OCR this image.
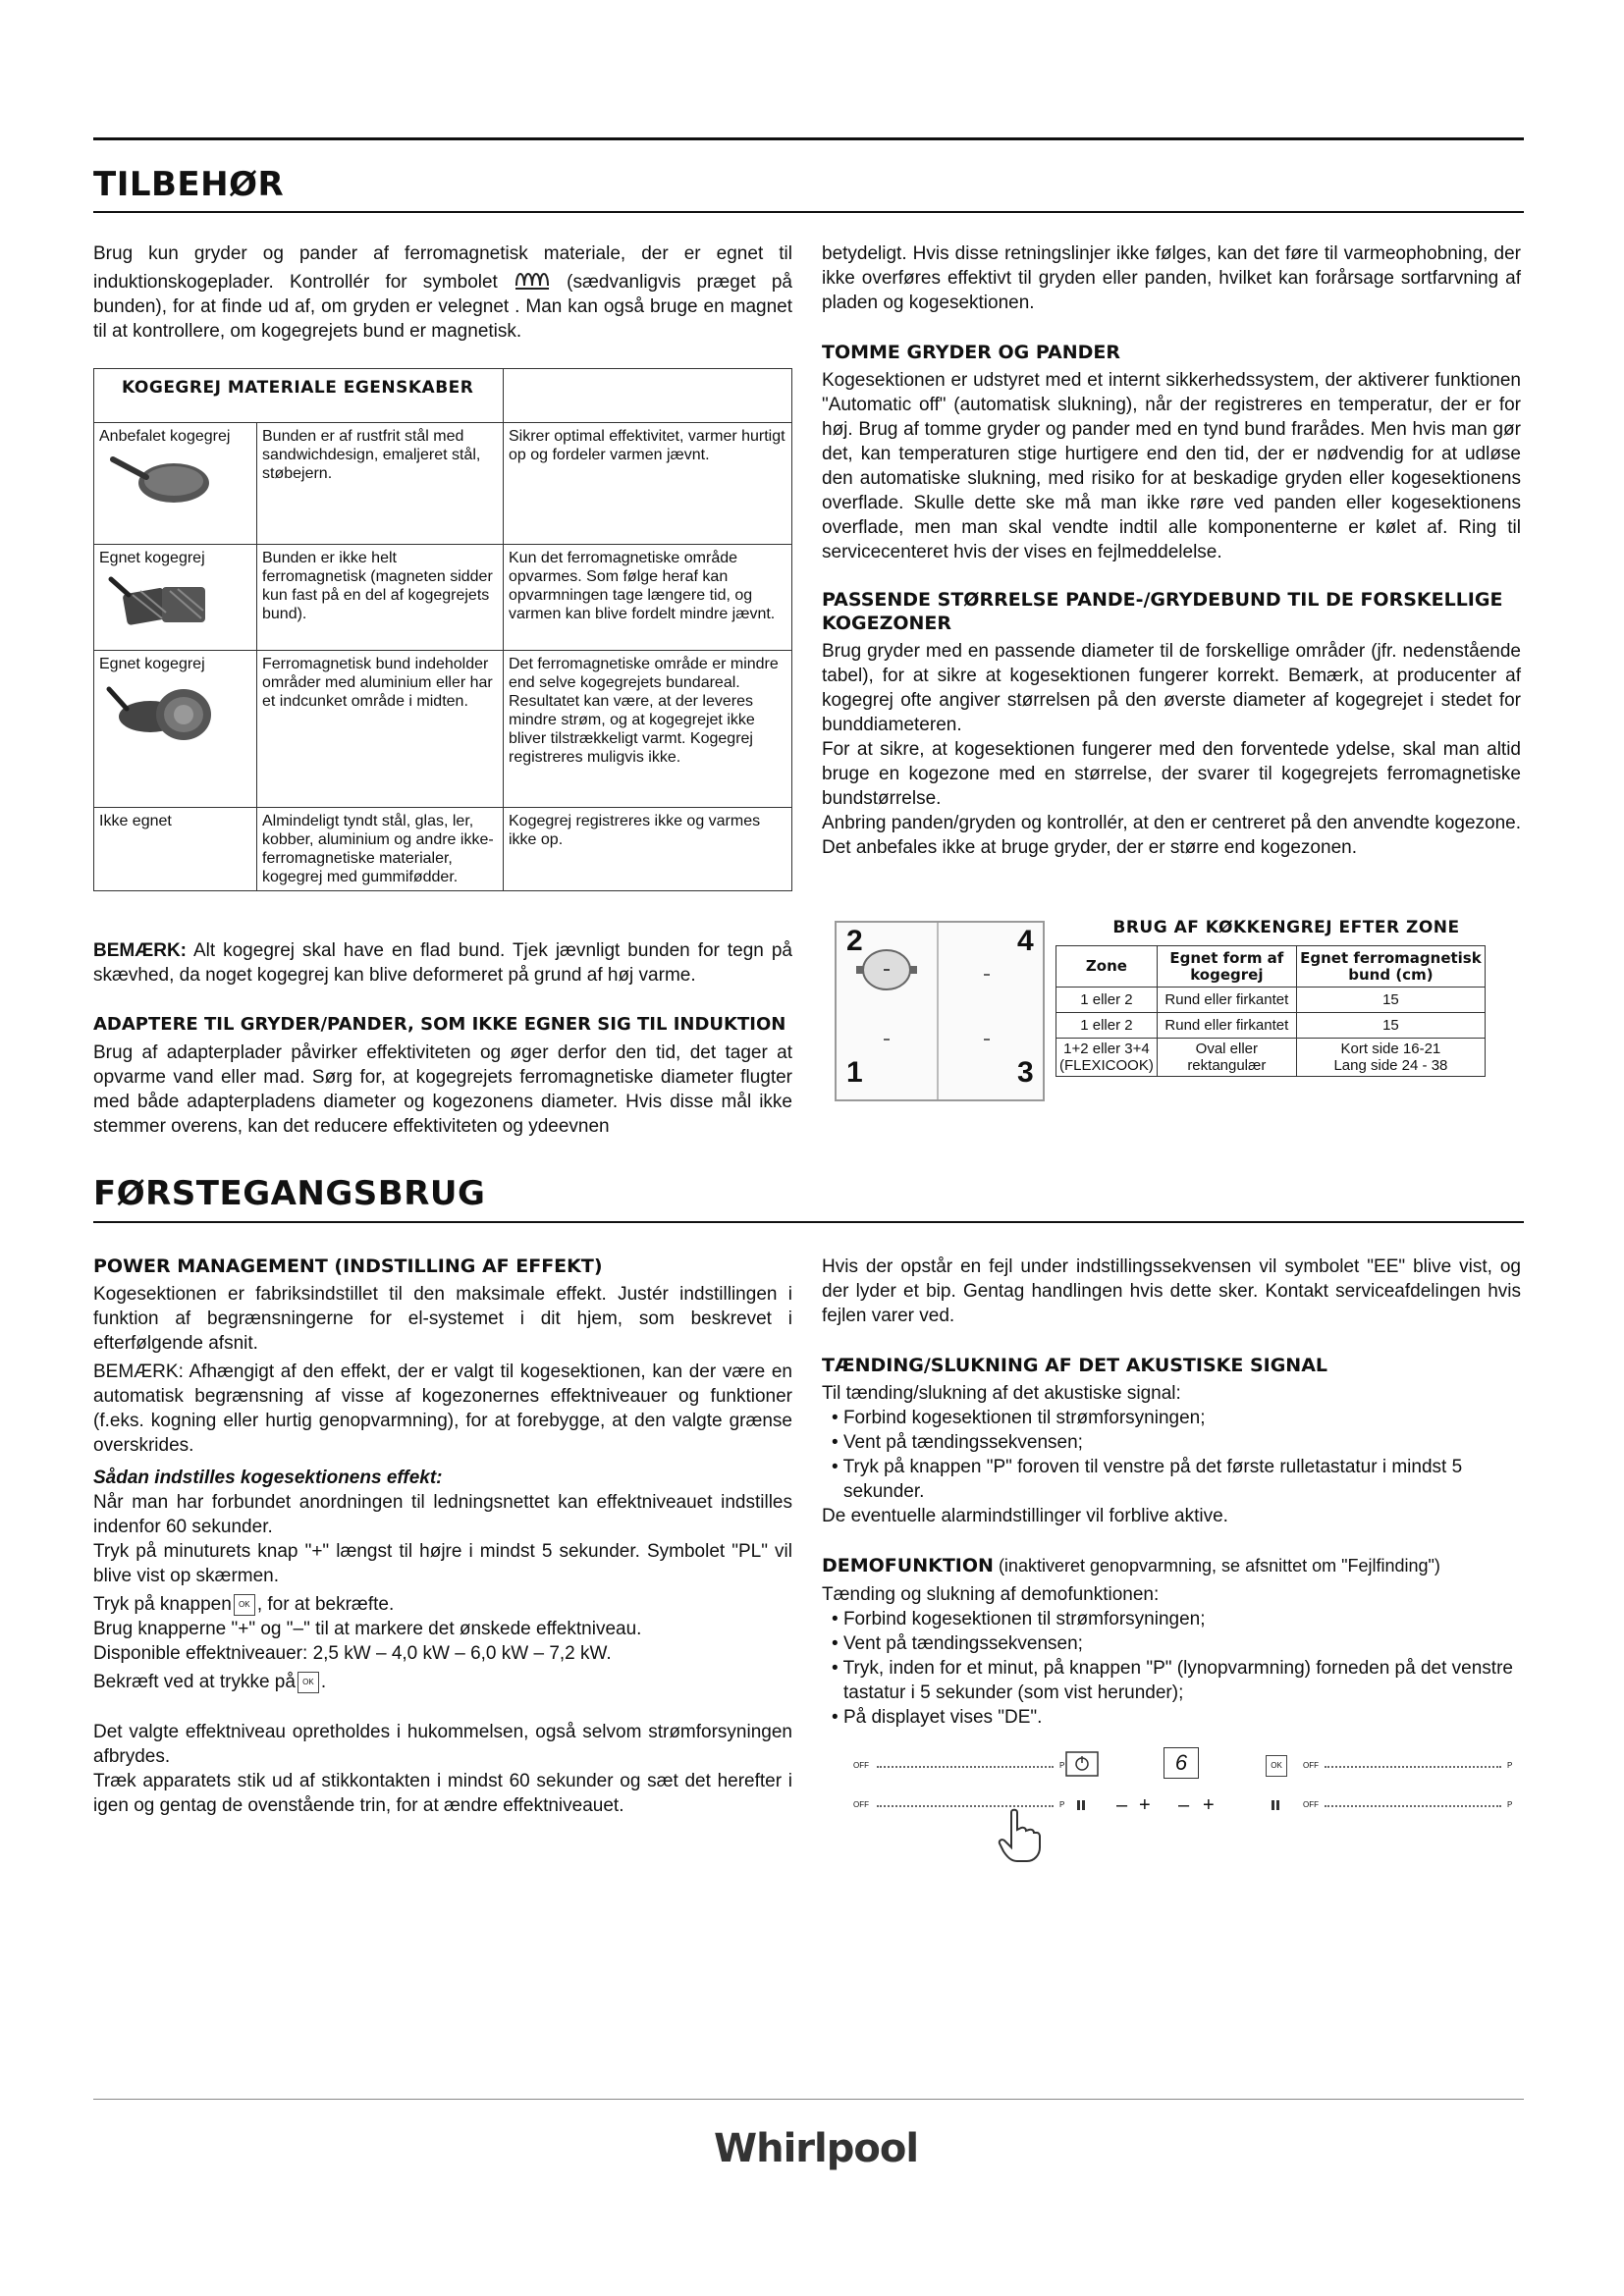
TILBEHØR

Brug kun gryder og pander af ferromagnetisk materiale, der er egnet til induktionskogeplader. Kontrollér for symbolet	(sædvanligvis præget på bunden), for at finde ud af, om gryden er velegnet . Man kan også bruge en magnet til at kontrollere, om kogegrejets bund er magnetisk.

KOGEGREJ MATERIALE EGENSKABER		
Anbefalet kogegrej	Bunden er af rustfrit stål med sandwichdesign, emaljeret stål, støbejern.	Sikrer optimal effektivitet, varmer hurtigt op og fordeler varmen jævnt.
Egnet kogegrej	Bunden er ikke helt ferromagnetisk (magneten sidder kun fast på en del af kogegrejets bund).	Kun det ferromagnetiske område opvarmes. Som følge heraf kan opvarmningen tage længere tid, og varmen kan blive fordelt mindre jævnt.
Egnet kogegrej	Ferromagnetisk bund indeholder områder med aluminium eller har et indcunket område i midten.	Det ferromagnetiske område er mindre end selve kogegrejets bundareal. Resultatet kan være, at der leveres mindre strøm, og at kogegrejet ikke bliver tilstrækkeligt varmt. Kogegrej registreres muligvis ikke.
Ikke egnet	Almindeligt tyndt stål, glas, ler, kobber, aluminium og andre ikke-ferromagnetiske materialer, kogegrej med gummifødder.	Kogegrej registreres ikke og varmes ikke op.

BEMÆRK: Alt kogegrej skal have en flad bund. Tjek jævnligt bunden for tegn på skævhed, da noget kogegrej kan blive deformeret på grund af høj varme.

ADAPTERE TIL GRYDER/PANDER, SOM IKKE EGNER SIG TIL INDUKTION

Brug af adapterplader påvirker effektiviteten og øger derfor den tid, det tager at opvarme vand eller mad. Sørg for, at kogegrejets ferromagnetiske diameter flugter med både adapterpladens diameter og kogezonens diameter. Hvis disse mål ikke stemmer overens, kan det reducere effektiviteten og ydeevnen

betydeligt. Hvis disse retningslinjer ikke følges, kan det føre til varmeophobning, der ikke overføres effektivt til gryden eller panden, hvilket kan forårsage sortfarvning af pladen og kogesektionen.

TOMME GRYDER OG PANDER

Kogesektionen er udstyret med et internt sikkerhedssystem, der aktiverer funktionen "Automatic off" (automatisk slukning), når der registreres en temperatur, der er for høj. Brug af tomme gryder og pander med en tynd bund frarådes. Men hvis man gør det, kan temperaturen stige hurtigere end den tid, der er nødvendig for at udløse den automatiske slukning, med risiko for at beskadige gryden eller kogesektionens overflade. Skulle dette ske må man ikke røre ved panden eller kogesektionens overflade, men man skal vendte indtil alle komponenterne er kølet af. Ring til servicecenteret hvis der vises en fejlmeddelelse.

PASSENDE STØRRELSE PANDE-/GRYDEBUND TIL DE FORSKELLIGE KOGEZONER

Brug gryder med en passende diameter til de forskellige områder (jfr. nedenstående tabel), for at sikre at kogesektionen fungerer korrekt. Bemærk, at producenter af kogegrej ofte angiver størrelsen på den øverste diameter af kogegrejet i stedet for bunddiameteren.

For at sikre, at kogesektionen fungerer med den forventede ydelse, skal man altid bruge en kogezone med en størrelse, der svarer til kogegrejets ferromagnetiske bundstørrelse.

Anbring panden/gryden og kontrollér, at den er centreret på den anvendte kogezone. Det anbefales ikke at bruge gryder, der er større end kogezonen.

2	4
1	3
BRUG AF KØKKENGREJ EFTER ZONE
Zone	Egnet form af kogegrej	Egnet ferromagnetisk bund (cm)
1 eller 2	Rund eller firkantet	15
1 eller 2	Rund eller firkantet	15
1+2 eller 3+4 (FLEXICOOK)	Oval eller rektangulær	Kort side 16-21 Lang side 24 - 38
FØRSTEGANGSBRUG
POWER MANAGEMENT (INDSTILLING AF EFFEKT)

Kogesektionen er fabriksindstillet til den maksimale effekt. Justér indstillingen i funktion af begrænsningerne for el-systemet i dit hjem, som beskrevet i efterfølgende afsnit.

BEMÆRK: Afhængigt af den effekt, der er valgt til kogesektionen, kan der være en automatisk begrænsning af visse af kogezonernes effektniveauer og funktioner (f.eks. kogning eller hurtig genopvarmning), for at forebygge, at den valgte grænse overskrides.

Sådan indstilles kogesektionens effekt:

Når man har forbundet anordningen til ledningsnettet kan effektniveauet indstilles indenfor 60 sekunder.

Tryk på minuturets knap "+" længst til højre i mindst 5 sekunder. Symbolet "PL" vil blive vist op skærmen.

Tryk på knappen OK , for at bekræfte.

Brug knapperne "+" og "–" til at markere det ønskede effektniveau.

Disponible effektniveauer: 2,5 kW – 4,0 kW – 6,0 kW – 7,2 kW.

Bekræft ved at trykke på OK .

Det valgte effektniveau opretholdes i hukommelsen, også selvom strømforsyningen afbrydes.

Træk apparatets stik ud af stikkontakten i mindst 60 sekunder og sæt det herefter i igen og gentag de ovenstående trin, for at ændre effektniveauet.

Hvis der opstår en fejl under indstillingssekvensen vil symbolet "EE" blive vist, og der lyder et bip. Gentag handlingen hvis dette sker. Kontakt serviceafdelingen hvis fejlen varer ved.

TÆNDING/SLUKNING AF DET AKUSTISKE SIGNAL

Til tænding/slukning af det akustiske signal:

• Forbind kogesektionen til strømforsyningen;
• Vent på tændingssekvensen;
• Tryk på knappen "P" foroven til venstre på det første rulletastatur i mindst 5 sekunder.

De eventuelle alarmindstillinger vil forblive aktive.

DEMOFUNKTION (inaktiveret genopvarmning, se afsnittet om "Fejlfinding")

Tænding og slukning af demofunktionen:

• Forbind kogesektionen til strømforsyningen;
• Vent på tændingssekvensen;
• Tryk, inden for et minut, på knappen "P" (lynopvarmning) forneden på det venstre tastatur i 5 sekunder (som vist herunder);
• På displayet vises "DE".
OFF	P	6	OK	OFF	P
OFF	P	– + – +	OFF	P
Whirlpool
